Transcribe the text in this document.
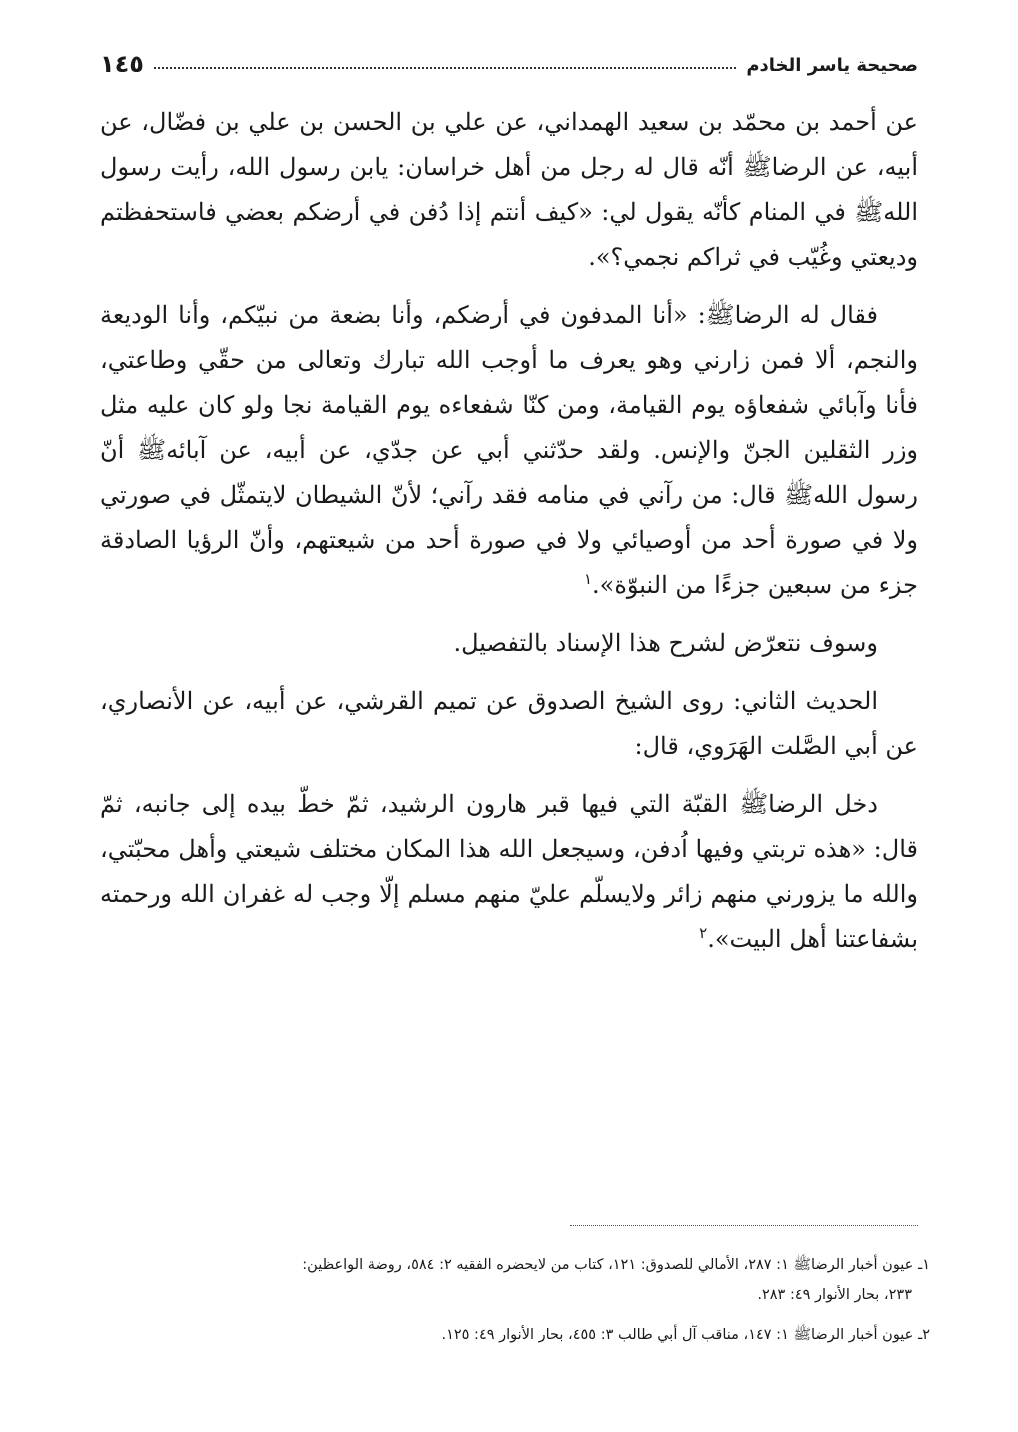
صحيحة ياسر الخادم
١٤٥

عن أحمد بن محمّد بن سعيد الهمداني، عن علي بن الحسن بن علي بن فضّال، عن أبيه، عن الرضاﷺ أنّه قال له رجل من أهل خراسان: يابن رسول الله، رأيت رسول اللهﷺ في المنام كأنّه يقول لي: «كيف أنتم إذا دُفن في أرضكم بعضي فاستحفظتم وديعتي وغُيّب في ثراكم نجمي؟».

فقال له الرضاﷺ: «أنا المدفون في أرضكم، وأنا بضعة من نبيّكم، وأنا الوديعة والنجم، ألا فمن زارني وهو يعرف ما أوجب الله تبارك وتعالى من حقّي وطاعتي، فأنا وآبائي شفعاؤه يوم القيامة، ومن كنّا شفعاءه يوم القيامة نجا ولو كان عليه مثل وزر الثقلين الجنّ والإنس. ولقد حدّثني أبي عن جدّي، عن أبيه، عن آبائه‌ﷺ أنّ رسول اللهﷺ قال: من رآني في منامه فقد رآني؛ لأنّ الشيطان لايتمثّل في صورتي ولا في صورة أحد من أوصيائي ولا في صورة أحد من شيعتهم، وأنّ الرؤيا الصادقة جزء من سبعين جزءًا من النبوّة».$^١$

وسوف نتعرّض لشرح هذا الإسناد بالتفصيل.

الحديث الثاني: روى الشيخ الصدوق عن تميم القرشي، عن أبيه، عن الأنصاري، عن أبي الصَّلت الهَرَوي، قال:

دخل الرضاﷺ القبّة التي فيها قبر هارون الرشيد، ثمّ خطّ بيده إلى جانبه، ثمّ قال: «هذه تربتي وفيها اُدفن، وسيجعل الله هذا المكان مختلف شيعتي وأهل محبّتي، والله ما يزورني منهم زائر ولايسلّم عليّ منهم مسلم إلّا وجب له غفران الله ورحمته بشفاعتنا أهل البيت».$^٢$

١ـ عيون أخبار الرضاﷺ ١: ٢٨٧، الأمالي للصدوق: ١٢١، كتاب من لايحضره الفقيه ٢: ٥٨٤، روضة الواعظين:
٢٣٣، بحار الأنوار ٤٩: ٢٨٣.
٢ـ عيون أخبار الرضاﷺ ١: ١٤٧، مناقب آل أبي طالب ٣: ٤٥٥، بحار الأنوار ٤٩: ١٢٥.
